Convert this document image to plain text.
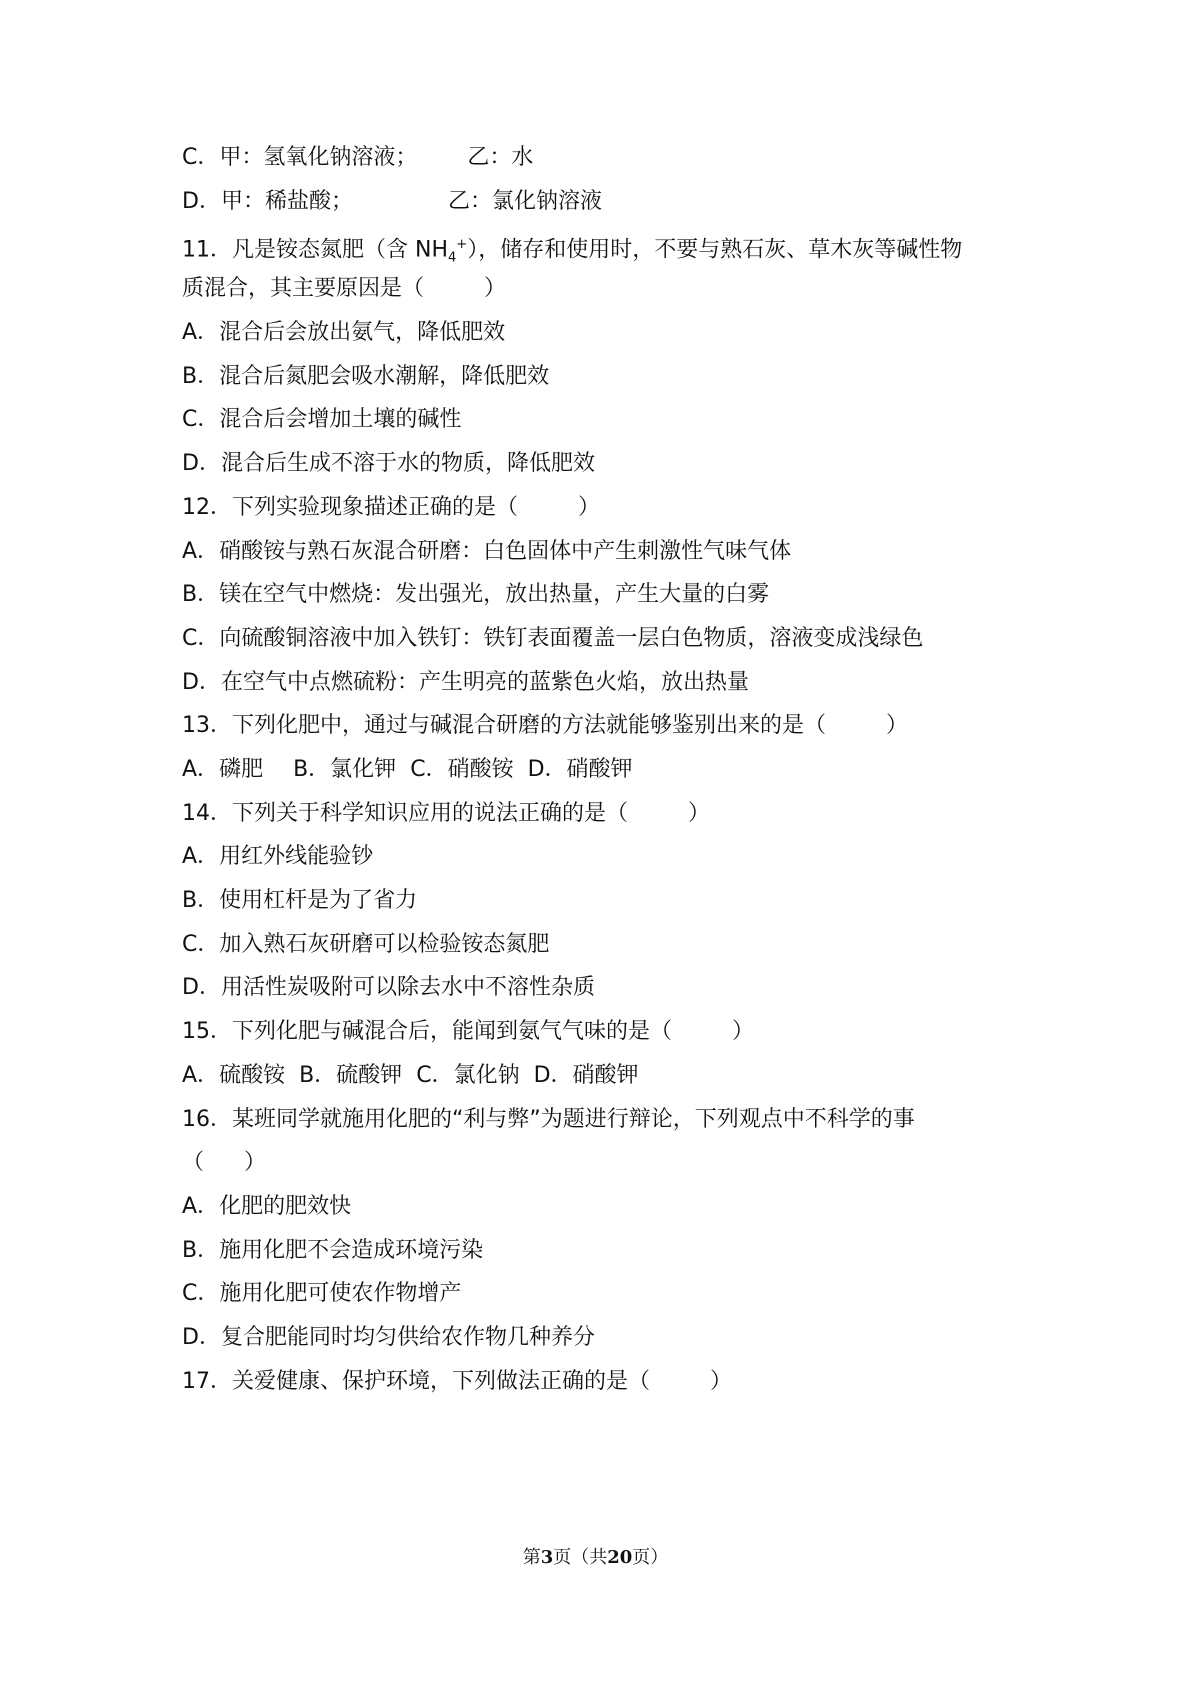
C．甲：氢氧化钠溶液； 乙：水
D．甲：稀盐酸；	乙：氯化钠溶液
11．凡是铵态氮肥（含 $NH_4^+$），储存和使用时，不要与熟石灰、草木灰等碱性物
质混合，其主要原因是（	）
A．混合后会放出氨气，降低肥效
B．混合后氮肥会吸水潮解，降低肥效
C．混合后会增加土壤的碱性
D．混合后生成不溶于水的物质，降低肥效
12．下列实验现象描述正确的是（	）
A．硝酸铵与熟石灰混合研磨：白色固体中产生刺激性气味气体
B．镁在空气中燃烧：发出强光，放出热量，产生大量的白雾
C．向硫酸铜溶液中加入铁钉：铁钉表面覆盖一层白色物质，溶液变成浅绿色
D．在空气中点燃硫粉：产生明亮的蓝紫色火焰，放出热量
13．下列化肥中，通过与碱混合研磨的方法就能够鉴别出来的是（	）
A．磷肥 B．氯化钾 C．硝酸铵 D．硝酸钾
14．下列关于科学知识应用的说法正确的是（	）
A．用红外线能验钞
B．使用杠杆是为了省力
C．加入熟石灰研磨可以检验铵态氮肥
D．用活性炭吸附可以除去水中不溶性杂质
15．下列化肥与碱混合后，能闻到氨气气味的是（	）
A．硫酸铵 B．硫酸钾 C．氯化钠 D．硝酸钾
16．某班同学就施用化肥的“利与弊”为题进行辩论，下列观点中不科学的事
（ ）
A．化肥的肥效快
B．施用化肥不会造成环境污染
C．施用化肥可使农作物增产
D．复合肥能同时均匀供给农作物几种养分
17．关爱健康、保护环境，下列做法正确的是（	）
第3页（共20页）
